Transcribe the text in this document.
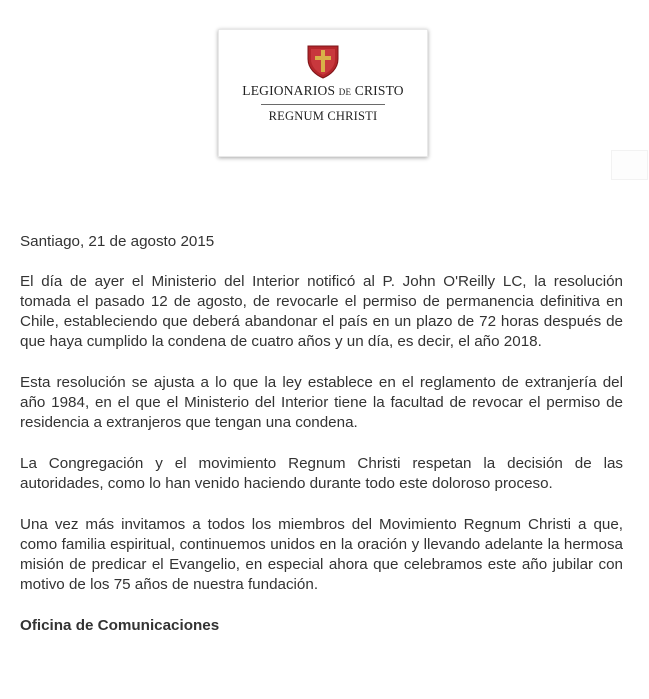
LEGIONARIOS DE CRISTO
REGNUM CHRISTI

Santiago, 21 de agosto 2015

El día de ayer el Ministerio del Interior notificó al P. John O'Reilly LC, la resolución tomada el pasado 12 de agosto, de revocarle el permiso de permanencia definitiva en Chile, estableciendo que deberá abandonar el país en un plazo de 72 horas después de que haya cumplido la condena de cuatro años y un día, es decir, el año 2018.

Esta resolución se ajusta a lo que la ley establece en el reglamento de extranjería del año 1984, en el que el Ministerio del Interior tiene la facultad de revocar el permiso de residencia a extranjeros que tengan una condena.

La Congregación y el movimiento Regnum Christi respetan la decisión de las autoridades, como lo han venido haciendo durante todo este doloroso proceso.

Una vez más invitamos a todos los miembros del Movimiento Regnum Christi a que, como familia espiritual, continuemos unidos en la oración y llevando adelante la hermosa misión de predicar el Evangelio, en especial ahora que celebramos este año jubilar con motivo de los 75 años de nuestra fundación.

Oficina de Comunicaciones
